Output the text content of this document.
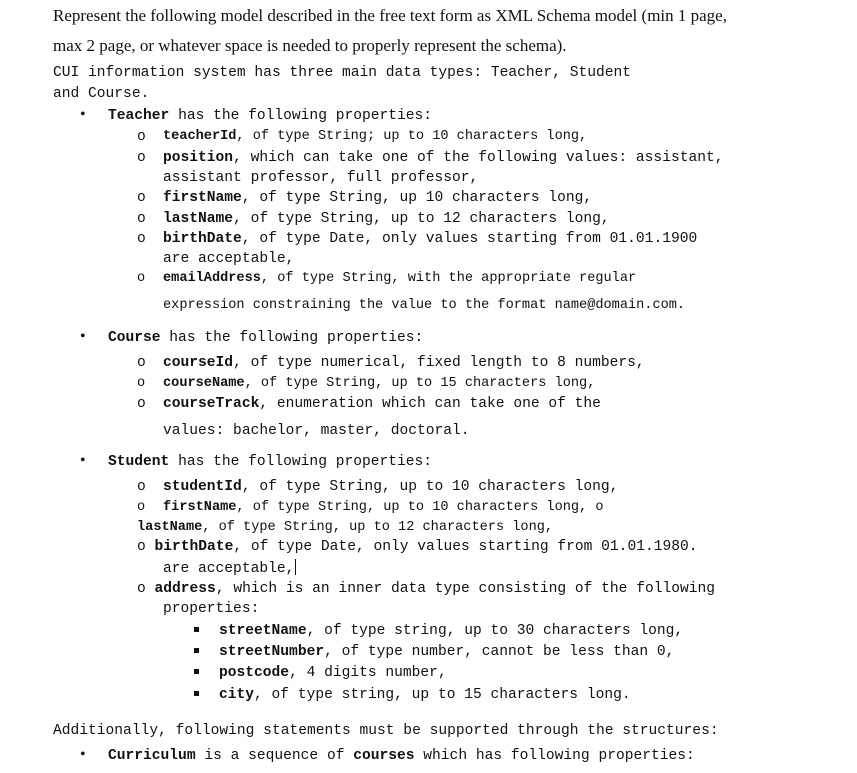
Represent the following model described in the free text form as XML Schema model (min 1 page,
max 2 page, or whatever space is needed to properly represent the schema).
CUI information system has three main data types: Teacher, Student
and Course.
• Teacher has the following properties:
o teacherId, of type String; up to 10 characters long,
o position, which can take one of the following values: assistant,
assistant professor, full professor,
o firstName, of type String, up 10 characters long,
o lastName, of type String, up to 12 characters long,
o birthDate, of type Date, only values starting from 01.01.1900
are acceptable,
o emailAddress, of type String, with the appropriate regular
expression constraining the value to the format name@domain.com.
• Course has the following properties:
o courseId, of type numerical, fixed length to 8 numbers,
o courseName, of type String, up to 15 characters long,
o courseTrack, enumeration which can take one of the
values: bachelor, master, doctoral.
• Student has the following properties:
o studentId, of type String, up to 10 characters long,
o firstName, of type String, up to 10 characters long, o
lastName, of type String, up to 12 characters long,
o birthDate, of type Date, only values starting from 01.01.1980.
are acceptable,
o address, which is an inner data type consisting of the following
properties:
streetName, of type string, up to 30 characters long,
streetNumber, of type number, cannot be less than 0,
postcode, 4 digits number,
city, of type string, up to 15 characters long.
Additionally, following statements must be supported through the structures:
• Curriculum is a sequence of courses which has following properties:
